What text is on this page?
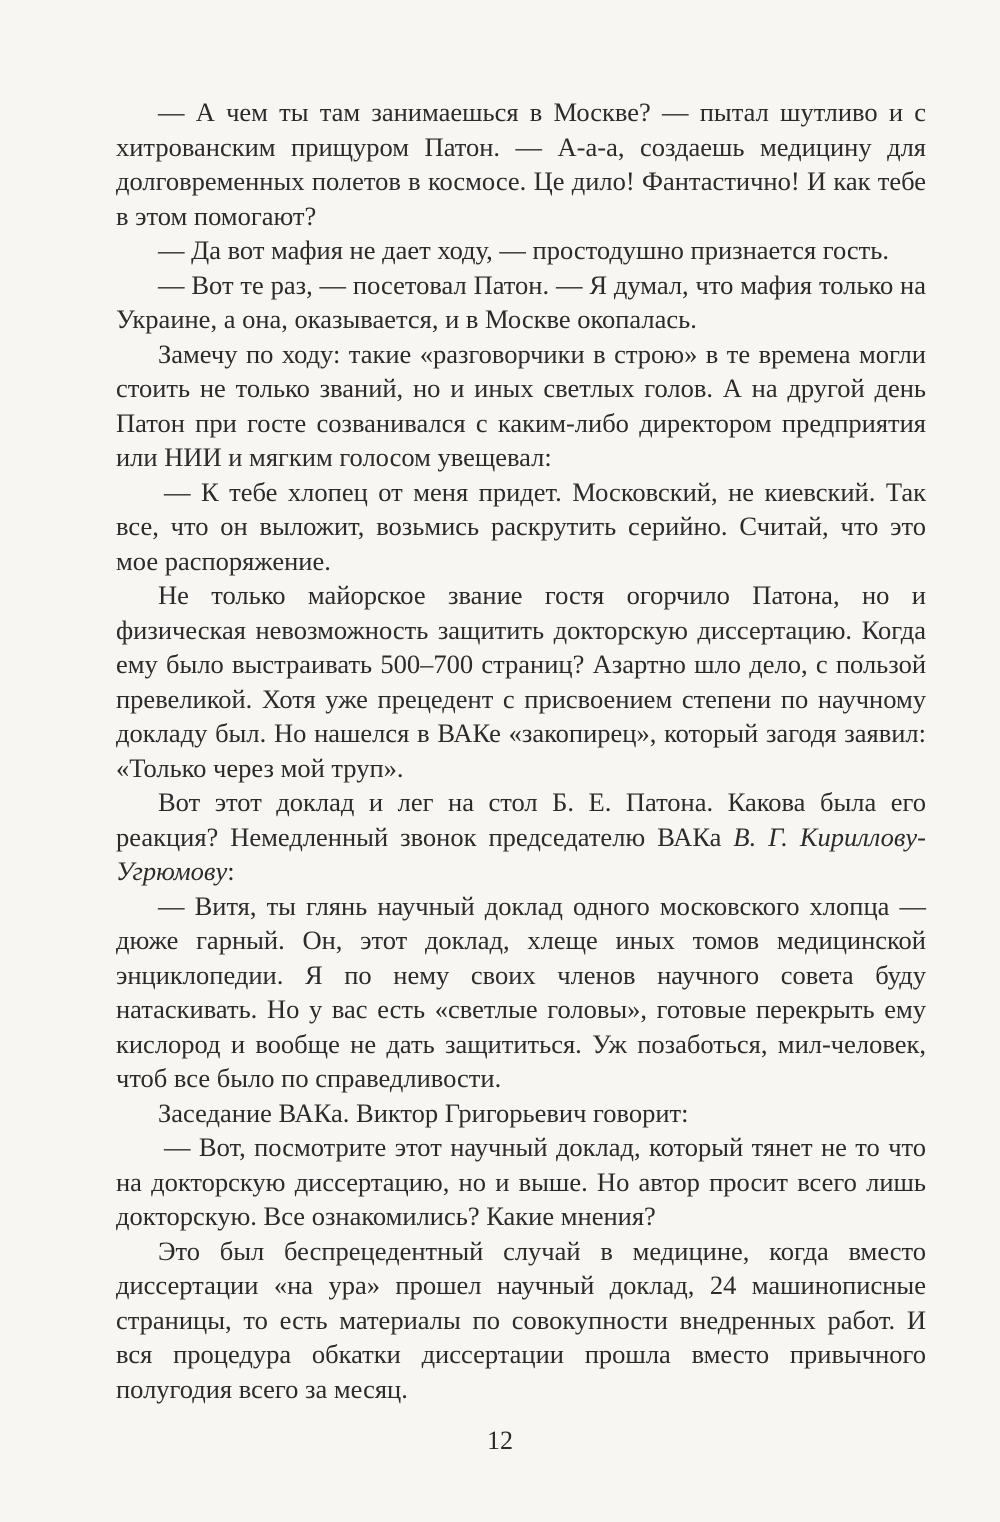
— А чем ты там занимаешься в Москве? — пытал шутливо и с хитрованским прищуром Патон. — А-а-а, создаешь медицину для долговременных полетов в космосе. Це дило! Фантастично! И как тебе в этом помогают?

— Да вот мафия не дает ходу, — простодушно признается гость.

— Вот те раз, — посетовал Патон. — Я думал, что мафия только на Украине, а она, оказывается, и в Москве окопалась.

Замечу по ходу: такие «разговорчики в строю» в те времена могли стоить не только званий, но и иных светлых голов. А на другой день Патон при госте созванивался с каким-либо директором предприятия или НИИ и мягким голосом увещевал:

— К тебе хлопец от меня придет. Московский, не киевский. Так все, что он выложит, возьмись раскрутить серийно. Считай, что это мое распоряжение.

Не только майорское звание гостя огорчило Патона, но и физическая невозможность защитить докторскую диссертацию. Когда ему было выстраивать 500–700 страниц? Азартно шло дело, с пользой превеликой. Хотя уже прецедент с присвоением степени по научному докладу был. Но нашелся в ВАКе «закопирец», который загодя заявил: «Только через мой труп».

Вот этот доклад и лег на стол Б. Е. Патона. Какова была его реакция? Немедленный звонок председателю ВАКа В. Г. Кириллову-Угрюмову:

— Витя, ты глянь научный доклад одного московского хлопца — дюже гарный. Он, этот доклад, хлеще иных томов медицинской энциклопедии. Я по нему своих членов научного совета буду натаскивать. Но у вас есть «светлые головы», готовые перекрыть ему кислород и вообще не дать защититься. Уж позаботься, мил-человек, чтоб все было по справедливости.

Заседание ВАКа. Виктор Григорьевич говорит:

— Вот, посмотрите этот научный доклад, который тянет не то что на докторскую диссертацию, но и выше. Но автор просит всего лишь докторскую. Все ознакомились? Какие мнения?

Это был беспрецедентный случай в медицине, когда вместо диссертации «на ура» прошел научный доклад, 24 машинописные страницы, то есть материалы по совокупности внедренных работ. И вся процедура обкатки диссертации прошла вместо привычного полугодия всего за месяц.

12
